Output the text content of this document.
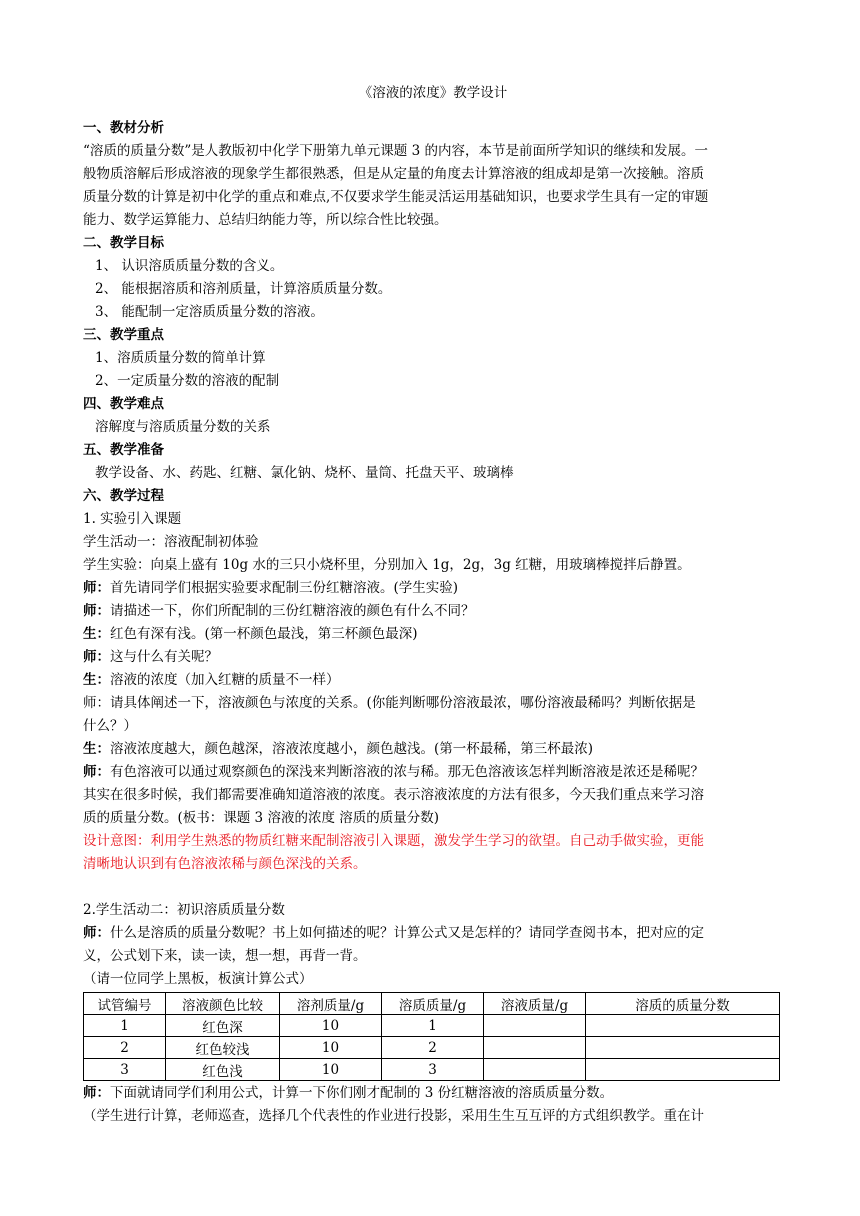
《溶液的浓度》教学设计
一、教材分析
“溶质的质量分数”是人教版初中化学下册第九单元课题 3 的内容，本节是前面所学知识的继续和发展。一
般物质溶解后形成溶液的现象学生都很熟悉，但是从定量的角度去计算溶液的组成却是第一次接触。溶质
质量分数的计算是初中化学的重点和难点,不仅要求学生能灵活运用基础知识，也要求学生具有一定的审题
能力、数学运算能力、总结归纳能力等，所以综合性比较强。
二、教学目标
1、 认识溶质质量分数的含义。
2、 能根据溶质和溶剂质量，计算溶质质量分数。
3、 能配制一定溶质质量分数的溶液。
三、教学重点
1、溶质质量分数的简单计算
2、一定质量分数的溶液的配制
四、教学难点
溶解度与溶质质量分数的关系
五、教学准备
教学设备、水、药匙、红糖、氯化钠、烧杯、量筒、托盘天平、玻璃棒
六、教学过程
1. 实验引入课题
学生活动一：溶液配制初体验
学生实验：向桌上盛有 10g 水的三只小烧杯里，分别加入 1g，2g，3g 红糖，用玻璃棒搅拌后静置。
师：首先请同学们根据实验要求配制三份红糖溶液。(学生实验)
师：请描述一下，你们所配制的三份红糖溶液的颜色有什么不同？
生：红色有深有浅。(第一杯颜色最浅，第三杯颜色最深)
师：这与什么有关呢？
生：溶液的浓度（加入红糖的质量不一样）
师：请具体阐述一下，溶液颜色与浓度的关系。(你能判断哪份溶液最浓，哪份溶液最稀吗？判断依据是
什么？）
生：溶液浓度越大，颜色越深，溶液浓度越小，颜色越浅。(第一杯最稀，第三杯最浓)
师：有色溶液可以通过观察颜色的深浅来判断溶液的浓与稀。那无色溶液该怎样判断溶液是浓还是稀呢？
其实在很多时候，我们都需要准确知道溶液的浓度。表示溶液浓度的方法有很多，今天我们重点来学习溶
质的质量分数。(板书：课题 3 溶液的浓度 溶质的质量分数)
设计意图：利用学生熟悉的物质红糖来配制溶液引入课题，激发学生学习的欲望。自己动手做实验，更能
清晰地认识到有色溶液浓稀与颜色深浅的关系。
2.学生活动二：初识溶质质量分数
师：什么是溶质的质量分数呢？书上如何描述的呢？计算公式又是怎样的？请同学查阅书本，把对应的定
义，公式划下来，读一读，想一想，再背一背。
（请一位同学上黑板，板演计算公式）
试管编号	溶液颜色比较	溶剂质量/g	溶质质量/g	溶液质量/g	溶质的质量分数
1	红色深	10	1		
2	红色较浅	10	2		
3	红色浅	10	3		
师：下面就请同学们利用公式，计算一下你们刚才配制的 3 份红糖溶液的溶质质量分数。
（学生进行计算，老师巡查，选择几个代表性的作业进行投影，采用生生互互评的方式组织教学。重在计
